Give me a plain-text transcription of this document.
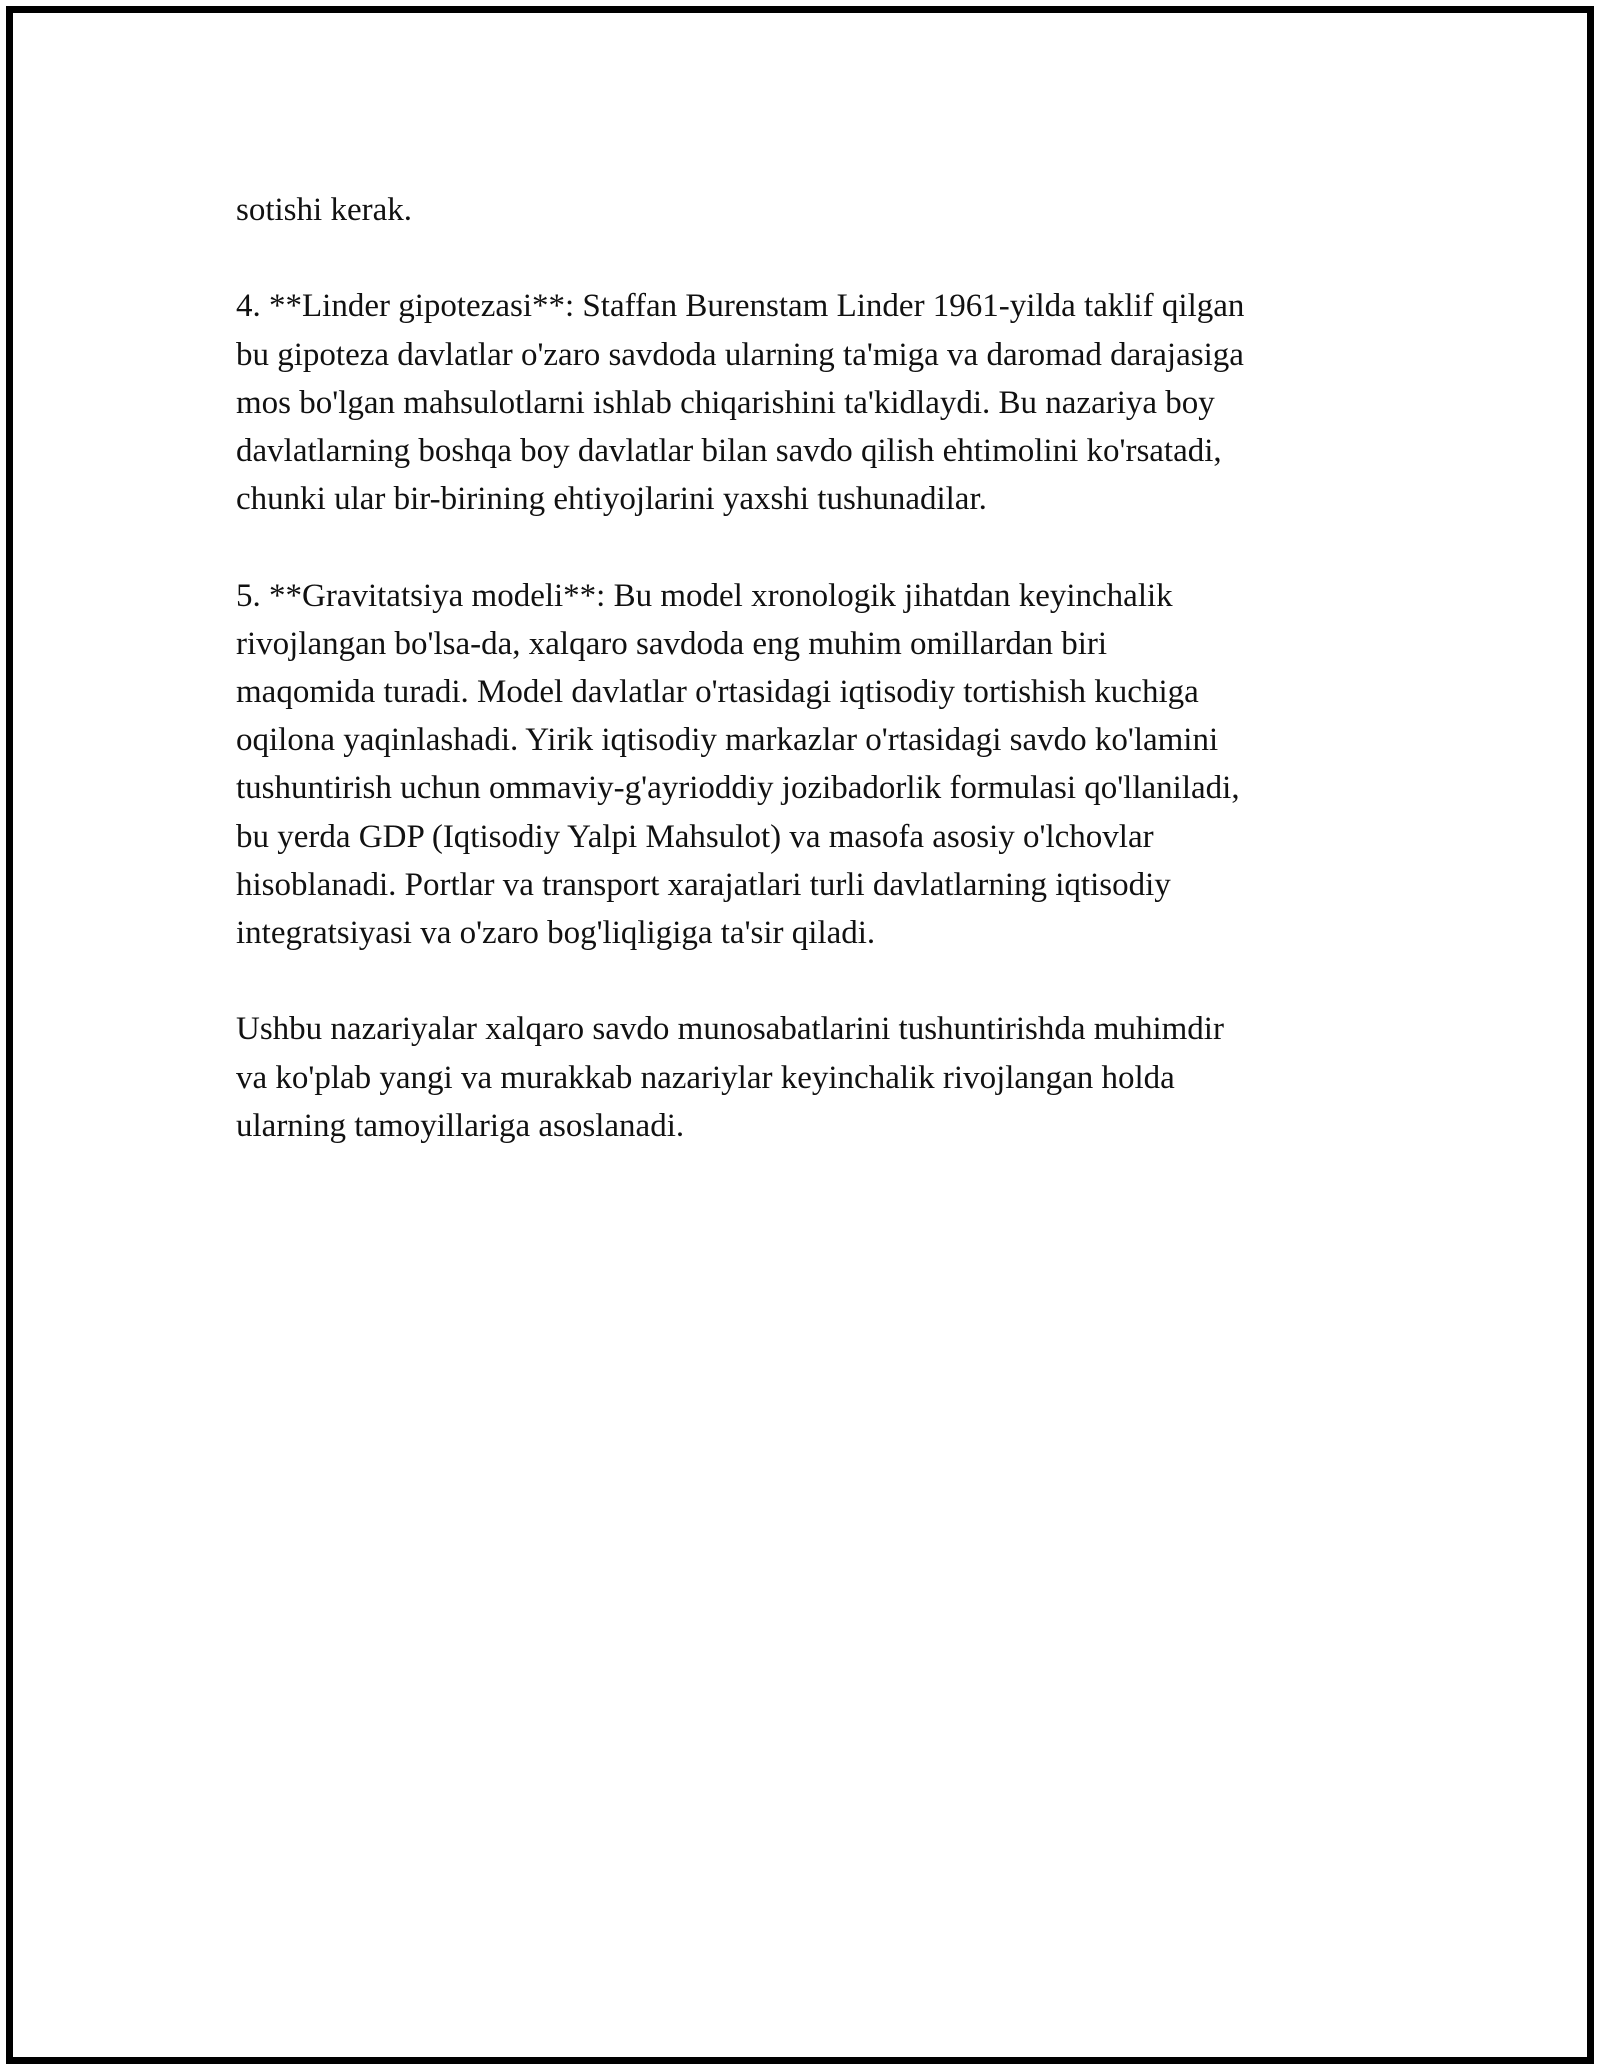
sotishi kerak.

4. **Linder gipotezasi**: Staffan Burenstam Linder 1961-yilda taklif qilgan
bu gipoteza davlatlar o'zaro savdoda ularning ta'miga va daromad darajasiga
mos bo'lgan mahsulotlarni ishlab chiqarishini ta'kidlaydi. Bu nazariya boy
davlatlarning boshqa boy davlatlar bilan savdo qilish ehtimolini ko'rsatadi,
chunki ular bir-birining ehtiyojlarini yaxshi tushunadilar.

5. **Gravitatsiya modeli**: Bu model xronologik jihatdan keyinchalik
rivojlangan bo'lsa-da, xalqaro savdoda eng muhim omillardan biri
maqomida turadi. Model davlatlar o'rtasidagi iqtisodiy tortishish kuchiga
oqilona yaqinlashadi. Yirik iqtisodiy markazlar o'rtasidagi savdo ko'lamini
tushuntirish uchun ommaviy-g'ayrioddiy jozibadorlik formulasi qo'llaniladi,
bu yerda GDP (Iqtisodiy Yalpi Mahsulot) va masofa asosiy o'lchovlar
hisoblanadi. Portlar va transport xarajatlari turli davlatlarning iqtisodiy
integratsiyasi va o'zaro bog'liqligiga ta'sir qiladi.

Ushbu nazariyalar xalqaro savdo munosabatlarini tushuntirishda muhimdir
va ko'plab yangi va murakkab nazariylar keyinchalik rivojlangan holda
ularning tamoyillariga asoslanadi.
